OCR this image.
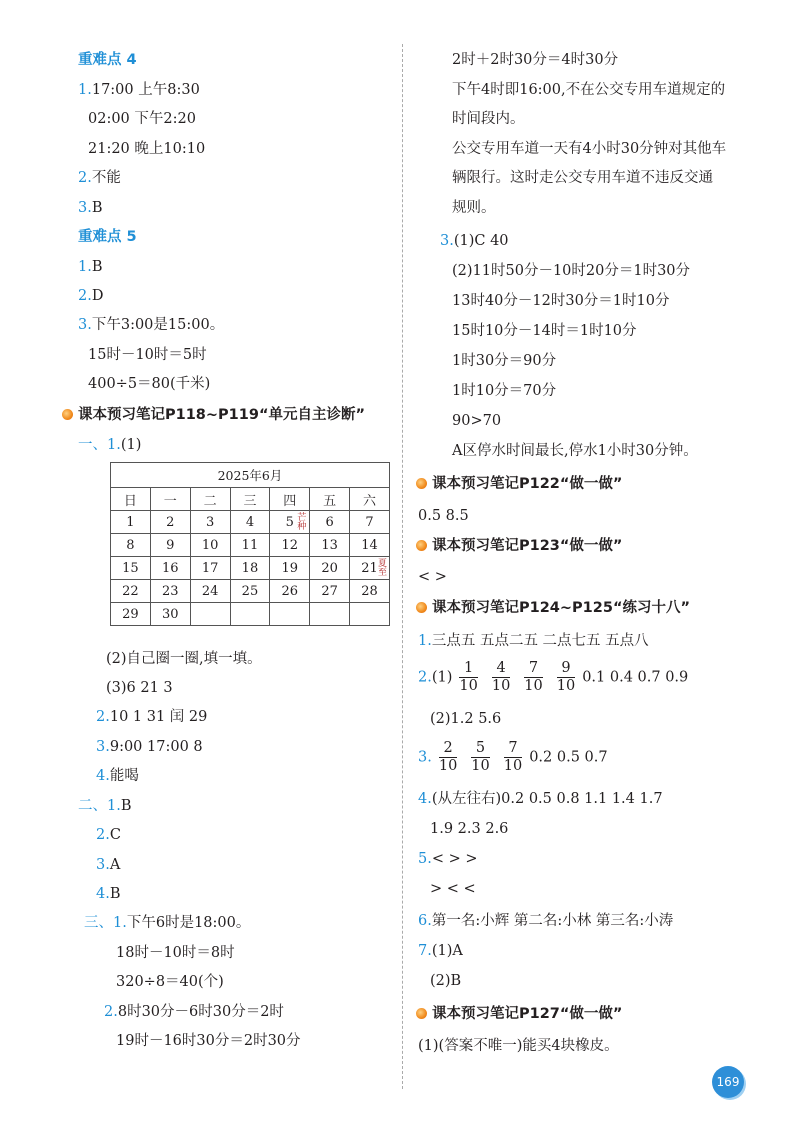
重难点 4
1.17:00 上午8:30
02:00 下午2:20
21:20 晚上10:10
2.不能
3.B
重难点 5
1.B
2.D
3.下午3:00是15:00。
15时－10时＝5时
400÷5＝80(千米)
课本预习笔记P118~P119“单元自主诊断”
一、1.(1)
(2)自己圈一圈,填一填。
(3)6 21 3
2.10 1 31 闰 29
3.9:00 17:00 8
4.能喝
二、1.B
2.C
3.A
4.B
三、1.下午6时是18:00。
18时－10时＝8时
320÷8＝40(个)
2.8时30分－6时30分＝2时
19时－16时30分＝2时30分
2025年6月						
日	一	二	三	四	五	六
1	2	3	4	5 芒种	6	7
8	9	10	11	12	13	14
15	16	17	18	19	20	21
夏至

22	23	24	25	26	27	28
29	30					
2时＋2时30分＝4时30分
下午4时即16:00,不在公交专用车道规定的
时间段内。
公交专用车道一天有4小时30分钟对其他车
辆限行。这时走公交专用车道不违反交通
规则。
3.(1)C 40
(2)11时50分－10时20分＝1时30分
13时40分－12时30分＝1时10分
15时10分－14时＝1时10分
1时30分＝90分
1时10分＝70分
90>70
A区停水时间最长,停水1小时30分钟。
课本预习笔记P122“做一做”
0.5 8.5
课本预习笔记P123“做一做”
< >
课本预习笔记P124~P125“练习十八”
1.三点五 五点二五 二点七五 五点八
$2.(1) \frac{1}{10} \frac{4}{10} \frac{7}{10} \frac{9}{10} 0.1$ 0.4 0.7 0.9
(2)1.2 5.6
3. $\frac{2}{10} \frac{5}{10} \frac{7}{10} 0.2$ 0.5 0.7
4.(从左往右)0.2 0.5 0.8 1.1 1.4 1.7
1.9 2.3 2.6
5.< > >
> < <
6.第一名:小辉 第二名:小林 第三名:小涛
7.(1)A
(2)B
课本预习笔记P127“做一做”
(1)(答案不唯一)能买4块橡皮。
169
